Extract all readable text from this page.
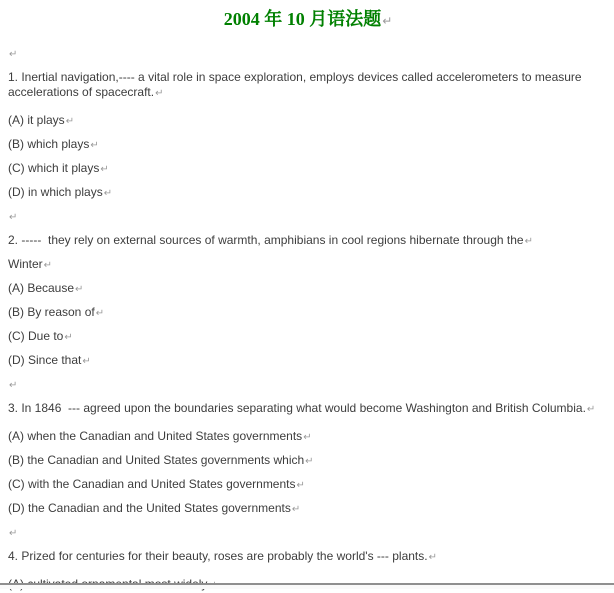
2004 年 10 月语法题↵

↵

1. Inertial navigation,---- a vital role in space exploration, employs devices called accelerometers to measure accelerations of spacecraft.↵

(A) it plays↵

(B) which plays↵

(C) which it plays↵

(D) in which plays↵

↵

2. -----  they rely on external sources of warmth, amphibians in cool regions hibernate through the↵

Winter↵

(A) Because↵

(B) By reason of↵

(C) Due to↵

(D) Since that↵

↵

3. In 1846  --- agreed upon the boundaries separating what would become Washington and British Columbia.↵

(A) when the Canadian and United States governments↵

(B) the Canadian and United States governments which↵

(C) with the Canadian and United States governments↵

(D) the Canadian and the United States governments↵

↵

4. Prized for centuries for their beauty, roses are probably the world's --- plants.↵
